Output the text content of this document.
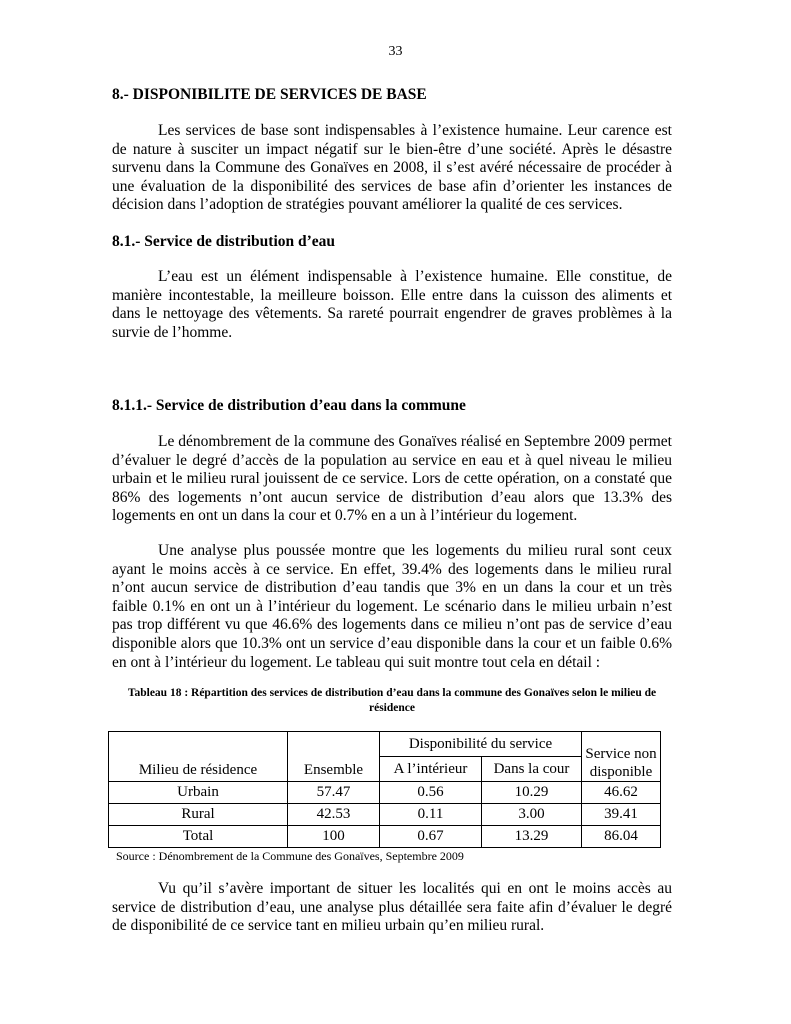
33
8.- DISPONIBILITE DE SERVICES DE BASE

Les services de base sont indispensables à l’existence humaine. Leur carence est de nature à susciter un impact négatif sur le bien-être d’une société. Après le désastre survenu dans la Commune des Gonaïves en 2008, il s’est avéré nécessaire de procéder à une évaluation de la disponibilité des services de base afin d’orienter les instances de décision dans l’adoption de stratégies pouvant améliorer la qualité de ces services.

8.1.- Service de distribution d’eau

L’eau est un élément indispensable à l’existence humaine. Elle constitue, de manière incontestable, la meilleure boisson. Elle entre dans la cuisson des aliments et dans le nettoyage des vêtements. Sa rareté pourrait engendrer de graves problèmes à la survie de l’homme.

8.1.1.- Service de distribution d’eau dans la commune

Le dénombrement de la commune des Gonaïves réalisé en Septembre 2009 permet d’évaluer le degré d’accès de la population au service en eau et à quel niveau le milieu urbain et le milieu rural jouissent de ce service. Lors de cette opération, on a constaté que 86% des logements n’ont aucun service de distribution d’eau alors que 13.3% des logements en ont un dans la cour et 0.7% en a un à l’intérieur du logement.

Une analyse plus poussée montre que les logements du milieu rural sont ceux ayant le moins accès à ce service. En effet, 39.4% des logements dans le milieu rural n’ont aucun service de distribution d’eau tandis que 3% en un dans la cour et un très faible 0.1% en ont un à l’intérieur du logement. Le scénario dans le milieu urbain n’est pas trop différent vu que 46.6% des logements dans ce milieu n’ont pas de service d’eau disponible alors que 10.3% ont un service d’eau disponible dans la cour et un faible 0.6% en ont à l’intérieur du logement. Le tableau qui suit montre tout cela en détail :

Tableau 18 : Répartition des services de distribution d’eau dans la commune des Gonaïves selon le milieu de résidence
Milieu de résidence	Ensemble	Disponibilité du service		Service non
disponible
		A l’intérieur	Dans la cour	
Urbain	57.47	0.56	10.29	46.62
Rural	42.53	0.11	3.00	39.41
Total	100	0.67	13.29	86.04
Source : Dénombrement de la Commune des Gonaïves, Septembre 2009

Vu qu’il s’avère important de situer les localités qui en ont le moins accès au service de distribution d’eau, une analyse plus détaillée sera faite afin d’évaluer le degré de disponibilité de ce service tant en milieu urbain qu’en milieu rural.
